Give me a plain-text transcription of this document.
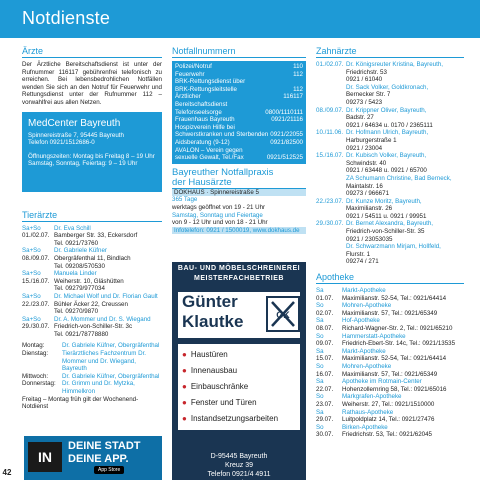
Notdienste
Ärzte
Der Ärztliche Bereitschaftsdienst ist unter der Rufnummer 116117 gebührenfrei telefonisch zu erreichen. Bei lebensbedrohlichen Notfällen wenden Sie sich an den Notruf für Feuerwehr und Rettungsdienst unter der Rufnummer 112 – vorwahlfrei aus allen Netzen.
MedCenter Bayreuth
Spinnereistraße 7, 95445 Bayreuth
Telefon 0921/1512686-0
Öffnungszeiten: Montag bis Freitag 8 – 19 Uhr
Samstag, Sonntag, Feiertag: 9 – 19 Uhr
Tierärzte
Sa+So	Dr. Eva Schill
01./02.07. Bamberger Str. 33, Eckersdorf
Tel. 0921/73760
Sa+So	Dr. Gabriele Küfner
08./09.07. Obergräfenthal 11, Bindlach
Tel. 09208/570530
Sa+So	Manuela Linder
15./16.07. Weiherstr. 10, Gläshütten
Tel. 09279/977034
Sa+So	Dr. Michael Wolf und Dr. Florian Gault
22./23.07. Bühler Äcker 22, Creussen
Tel. 09270/9870
Sa+So	Dr. A. Mommer und Dr. S. Wiegand
29./30.07. Friedrich-von-Schiller-Str. 3c
Tel. 0921/78778880
Montag:	Dr. Gabriele Küfner, Obergräfenthal
Dienstag:	Tierärztliches Fachzentrum Dr. Mommer und Dr. Wiegand, Bayreuth
Mittwoch:	Dr. Gabriele Küfner, Obergräfenthal
Donnerstag:	Dr. Grimm und Dr. Mytzka, Himmelkron
Freitag – Montag früh gilt der Wochenend-Notdienst
IN
DEINE STADT
DEINE APP.
App Store
42
Notfallnummern
Polizei/Notruf	110
Feuerwehr	112
BRK-Rettungsdienst über
BRK-Rettungsleitstelle	112
Ärztlicher	116117
Bereitschaftsdienst
Telefonseelsorge	0800/1110111
Frauenhaus Bayreuth	0921/21116
Hospizverein Hilfe bei
Schwerstkranken und Sterbenden 0921/22055
Aidsberatung (9-12)	0921/82500
AVALON – Verein gegen
sexuelle Gewalt, Tel./Fax	0921/512525
Bayreuther Notfallpraxis
der Hausärzte
DOKHAUS · Spinnereistraße 5
365 Tage
werktags geöffnet von 19 - 21 Uhr
Samstag, Sonntag und Feiertage
von 9 - 12 Uhr und von 18 - 21 Uhr
Infotelefon: 0921 / 1500019, www.dokhaus.de
BAU- UND MÖBELSCHREINEREI
MEISTERFACHBETRIEB
Günter
Klautke	GK
● Haustüren
● Innenausbau
● Einbauschränke
● Fenster und Türen
● Instandsetzungsarbeiten
D-95445 Bayreuth
Kreuz 39
Telefon 0921/4 4911
Fax 0921/4 79 03
Zahnärzte
01./02.07. Dr. Königsreuter Kristina, Bayreuth,
Friedrichstr. 53
0921 / 61040
Dr. Sack Volker, Goldkronach,
Bernecker Str. 7
09273 / 5423
08./09.07. Dr. Krippner Oliver, Bayreuth,
Badstr. 27
0921 / 64634 u. 0170 / 2365111
10./11.06. Dr. Hofmann Ulrich, Bayreuth,
Harburgerstraße 1
0921 / 23004
15./16.07. Dr. Kubisch Volker, Bayreuth,
Schwindstr. 40
0921 / 63448 u. 0921 / 65700
ZA Schumann Christine, Bad Berneck,
Maintalstr. 16
09273 / 966671
22./23.07. Dr. Kunze Moritz, Bayreuth,
Maximilianstr. 26
0921 / 54511 u. 0921 / 99951
29./30.07. Dr. Bernet Alexandra, Bayreuth,
Friedrich-von-Schiller-Str. 35
0921 / 23053035
Dr. Schwarzmann Mirjam, Hollfeld,
Flurstr. 1
09274 / 271
Apotheke
Sa	Markt-Apotheke
01.07.	Maximilianstr. 52-54, Tel.: 0921/64414
So	Mohren-Apotheke
02.07.	Maximilianstr. 57, Tel.: 0921/65349
Sa	Hof-Apotheke
08.07.	Richard-Wagner-Str. 2, Tel.: 0921/65210
So	Hammerstatt-Apotheke
09.07.	Friedrich-Ebert-Str. 14c, Tel.: 0921/13535
Sa	Markt-Apotheke
15.07.	Maximilianstr. 52-54, Tel.: 0921/64414
So	Mohren-Apotheke
16.07.	Maximilianstr. 57, Tel.: 0921/65349
Sa	Apotheke im Rotmain-Center
22.07.	Hohenzollernring 58, Tel.: 0921/65016
So	Markgrafen-Apotheke
23.07.	Weiherstr. 27, Tel.: 0921/1510000
Sa	Rathaus-Apotheke
29.07.	Luitpoldplatz 14, Tel.: 0921/27476
So	Birken-Apotheke
30.07.	Friedrichstr. 53, Tel.: 0921/62045
